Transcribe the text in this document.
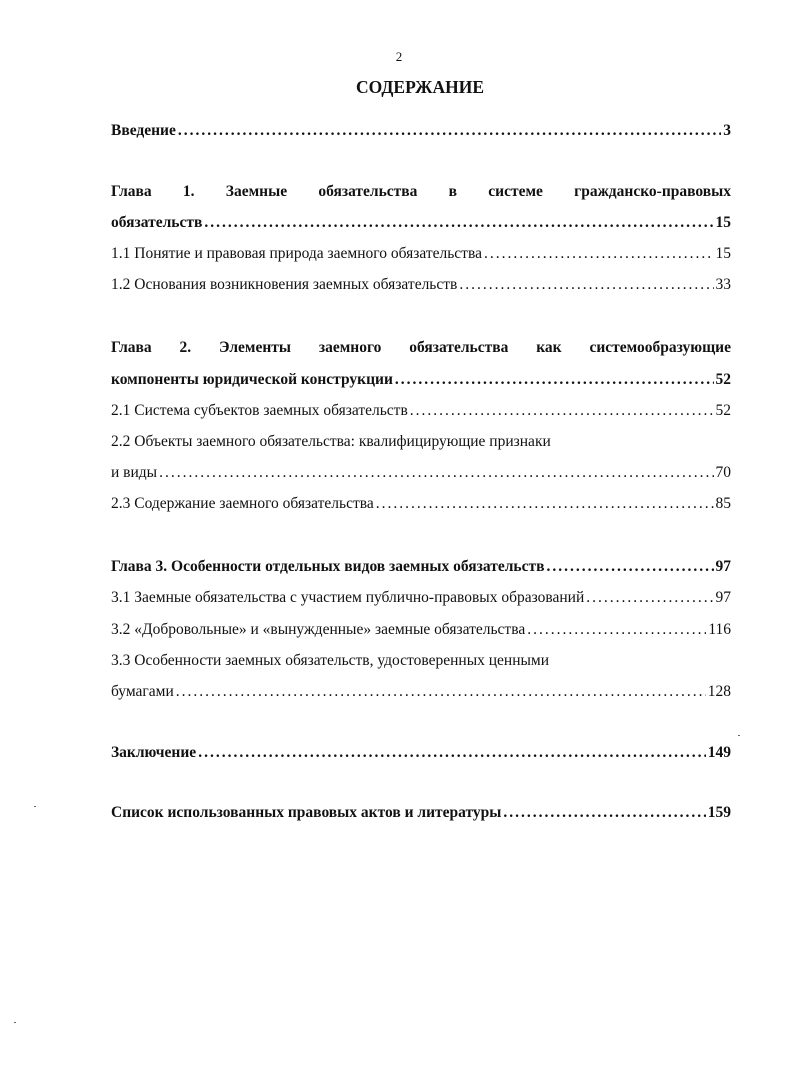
2
СОДЕРЖАНИЕ
Введение .....	3
Глава 1. Заемные обязательства в системе гражданско-правовых
обязательств .....	15
1.1 Понятие и правовая природа заемного обязательства .....	15
1.2 Основания возникновения заемных обязательств .....	33
Глава 2. Элементы заемного обязательства как системообразующие
компоненты юридической конструкции .....	52
2.1 Система субъектов заемных обязательств .....	52
2.2 Объекты заемного обязательства: квалифицирующие признаки
и виды .....	70
2.3 Содержание заемного обязательства .....	85
Глава 3. Особенности отдельных видов заемных обязательств .....	97
3.1 Заемные обязательства с участием публично-правовых образований .....	97
3.2 «Добровольные» и «вынужденные» заемные обязательства .....	116
3.3 Особенности заемных обязательств, удостоверенных ценными
бумагами .....	128
Заключение .....	149
Список использованных правовых актов и литературы .....	159
